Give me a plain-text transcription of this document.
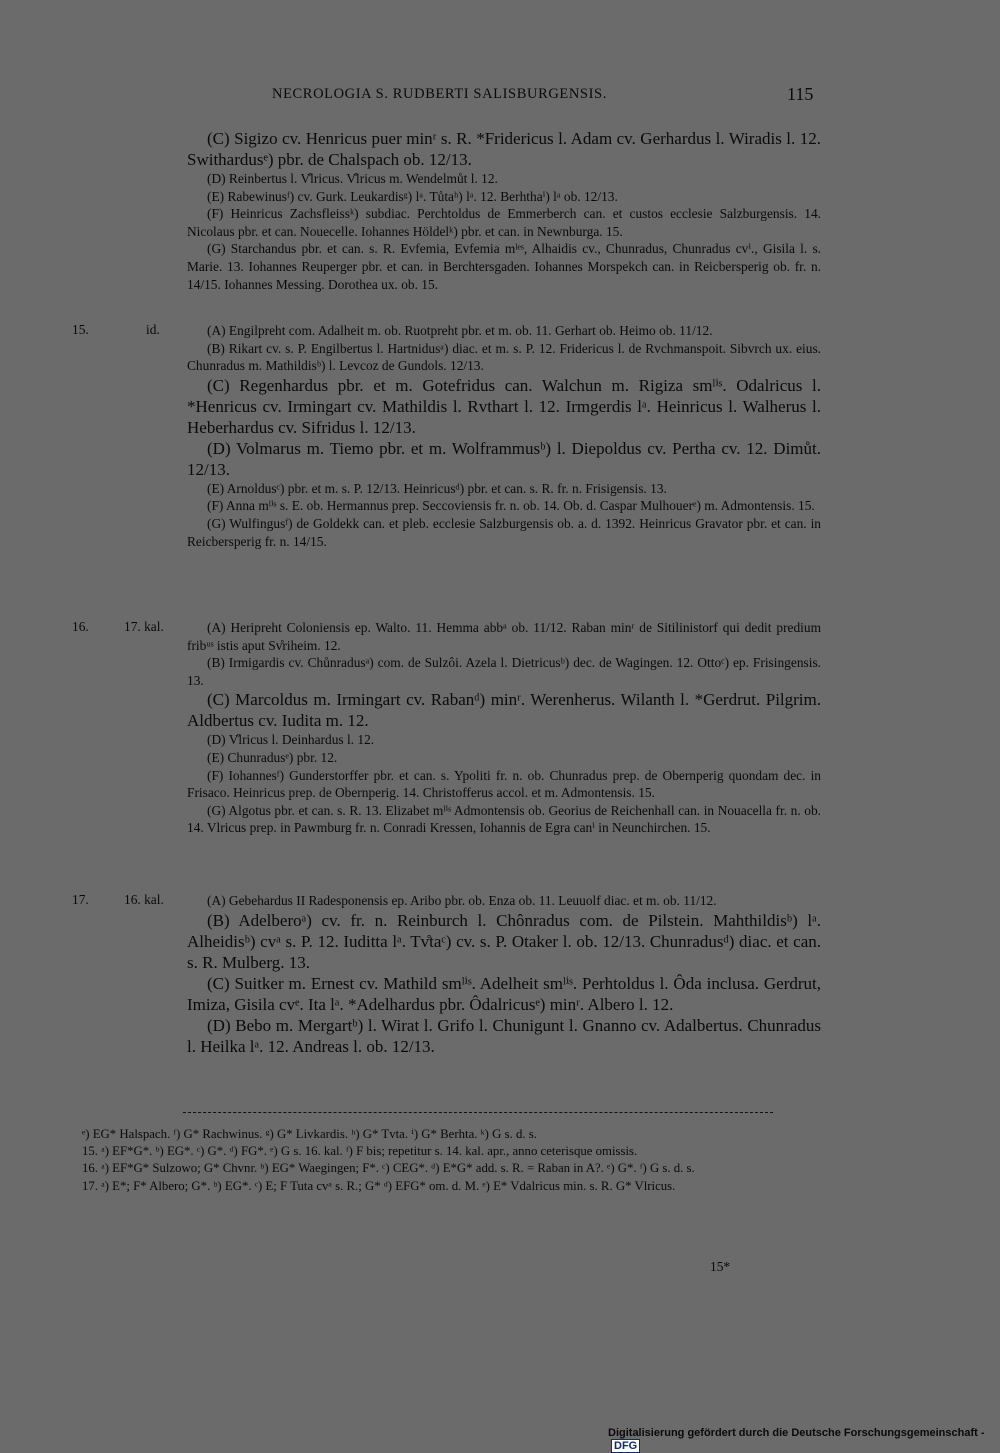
NECROLOGIA S. RUDBERTI SALISBURGENSIS.	115

(C) Sigizo cv. Henricus puer minʳ s. R. *Fridericus l. Adam cv. Gerhardus l. Wiradis l. 12. Swithardusᵉ) pbr. de Chalspach ob. 12/13.

(D) Reinbertus l. V̊lricus. V̊lricus m. Wendelmůt l. 12.

(E) Rabewinusᶠ) cv. Gurk. Leukardisᵍ) lᵃ. Tůtaʰ) lᵃ. 12. Berhthaⁱ) lᵃ ob. 12/13.

(F) Heinricus Zachsfleissᵏ) subdiac. Perchtoldus de Emmerberch can. et custos ecclesie Salzburgensis. 14. Nicolaus pbr. et can. Nouecelle. Iohannes Höldelᵏ) pbr. et can. in Newnburga. 15.

(G) Starchandus pbr. et can. s. R. Evfemia, Evfemia mˡᵉˢ, Alhaidis cv., Chunradus, Chunradus cvⁱ., Gisila l. s. Marie. 13. Iohannes Reuperger pbr. et can. in Berchtersgaden. Iohannes Morspekch can. in Reicbersperig ob. fr. n. 14/15. Iohannes Messing. Dorothea ux. ob. 15.

15.	id.	(A) Engilpreht com. Adalheit m. ob. Ruotpreht pbr. et m. ob. 11. Gerhart ob. Heimo ob. 11/12.

(B) Rikart cv. s. P. Engilbertus l. Hartnidusᵃ) diac. et m. s. P. 12. Fridericus l. de Rvchmanspoit. Sibvrch ux. eius. Chunradus m. Mathildisᵇ) l. Levcoz de Gundols. 12/13.

(C) Regenhardus pbr. et m. Gotefridus can. Walchun m. Rigiza smˡⁱˢ. Odalricus l. *Henricus cv. Irmingart cv. Mathildis l. Rvthart l. 12. Irmgerdis lᵃ. Heinricus l. Walherus l. Heberhardus cv. Sifridus l. 12/13.

(D) Volmarus m. Tiemo pbr. et m. Wolframmusᵇ) l. Diepoldus cv. Pertha cv. 12. Dimůt. 12/13.

(E) Arnoldusᶜ) pbr. et m. s. P. 12/13. Heinricusᵈ) pbr. et can. s. R. fr. n. Frisigensis. 13.

(F) Anna mˡⁱˢ s. E. ob. Hermannus prep. Seccoviensis fr. n. ob. 14. Ob. d. Caspar Mulhouerᵉ) m. Admontensis. 15.

(G) Wulfingusᶠ) de Goldekk can. et pleb. ecclesie Salzburgensis ob. a. d. 1392. Heinricus Gravator pbr. et can. in Reicbersperig fr. n. 14/15.

16.	17. kal.	(A) Heripreht Coloniensis ep. Walto. 11. Hemma abbᵃ ob. 11/12. Raban minʳ de Sitilinistorf qui dedit predium fribᵘˢ istis aput Sv̊riheim. 12.

(B) Irmigardis cv. Chůnradusᵃ) com. de Sulzôi. Azela l. Dietricusᵇ) dec. de Wagingen. 12. Ottoᶜ) ep. Frisingensis. 13.

(C) Marcoldus m. Irmingart cv. Rabanᵈ) minʳ. Werenherus. Wilanth l. *Gerdrut. Pilgrim. Aldbertus cv. Iudita m. 12.

(D) V̊lricus l. Deinhardus l. 12.

(E) Chunradusᵉ) pbr. 12.

(F) Iohannesᶠ) Gunderstorffer pbr. et can. s. Ypoliti fr. n. ob. Chunradus prep. de Obernperig quondam dec. in Frisaco. Heinricus prep. de Obernperig. 14. Christofferus accol. et m. Admontensis. 15.

(G) Algotus pbr. et can. s. R. 13. Elizabet mˡⁱˢ Admontensis ob. Georius de Reichenhall can. in Nouacella fr. n. ob. 14. Vlricus prep. in Pawmburg fr. n. Conradi Kressen, Iohannis de Egra canⁱ in Neunchirchen. 15.

17.	16. kal.	(A) Gebehardus II Radesponensis ep. Aribo pbr. ob. Enza ob. 11. Leuuolf diac. et m. ob. 11/12.

(B) Adelberoᵃ) cv. fr. n. Reinburch l. Chônradus com. de Pilstein. Mahthildisᵇ) lᵃ. Alheidisᵇ) cvᵃ s. P. 12. Iuditta lᵃ. Tv̊taᶜ) cv. s. P. Otaker l. ob. 12/13. Chunradusᵈ) diac. et can. s. R. Mulberg. 13.

(C) Suitker m. Ernest cv. Mathild smˡⁱˢ. Adelheit smˡⁱˢ. Perhtoldus l. Ôda inclusa. Gerdrut, Imiza, Gisila cvᵉ. Ita lᵃ. *Adelhardus pbr. Ôdalricusᵉ) minʳ. Albero l. 12.

(D) Bebo m. Mergartᵇ) l. Wirat l. Grifo l. Chunigunt l. Gnanno cv. Adalbertus. Chunradus l. Heilka lᵃ. 12. Andreas l. ob. 12/13.

ᵉ) EG* Halspach. ᶠ) G* Rachwinus. ᵍ) G* Livkardis. ʰ) G* Tvta. ⁱ) G* Berhta. ᵏ) G s. d. s.

15. ᵃ) EF*G*. ᵇ) EG*. ᶜ) G*. ᵈ) FG*. ᵉ) G s. 16. kal. ᶠ) F bis; repetitur s. 14. kal. apr., anno ceterisque omissis.

16. ᵃ) EF*G* Sulzowo; G* Chvnr. ᵇ) EG* Waegingen; F*. ᶜ) CEG*. ᵈ) E*G* add. s. R. = Raban in A?. ᵉ) G*. ᶠ) G s. d. s.

17. ᵃ) E*; F* Albero; G*. ᵇ) EG*. ᶜ) E; F Tuta cvᵃ s. R.; G* ᵈ) EFG* om. d. M. ᵉ) E* Vdalricus min. s. R. G* Vlricus.

15*
Digitalisierung gefördert durch die Deutsche Forschungsgemeinschaft -DFG
